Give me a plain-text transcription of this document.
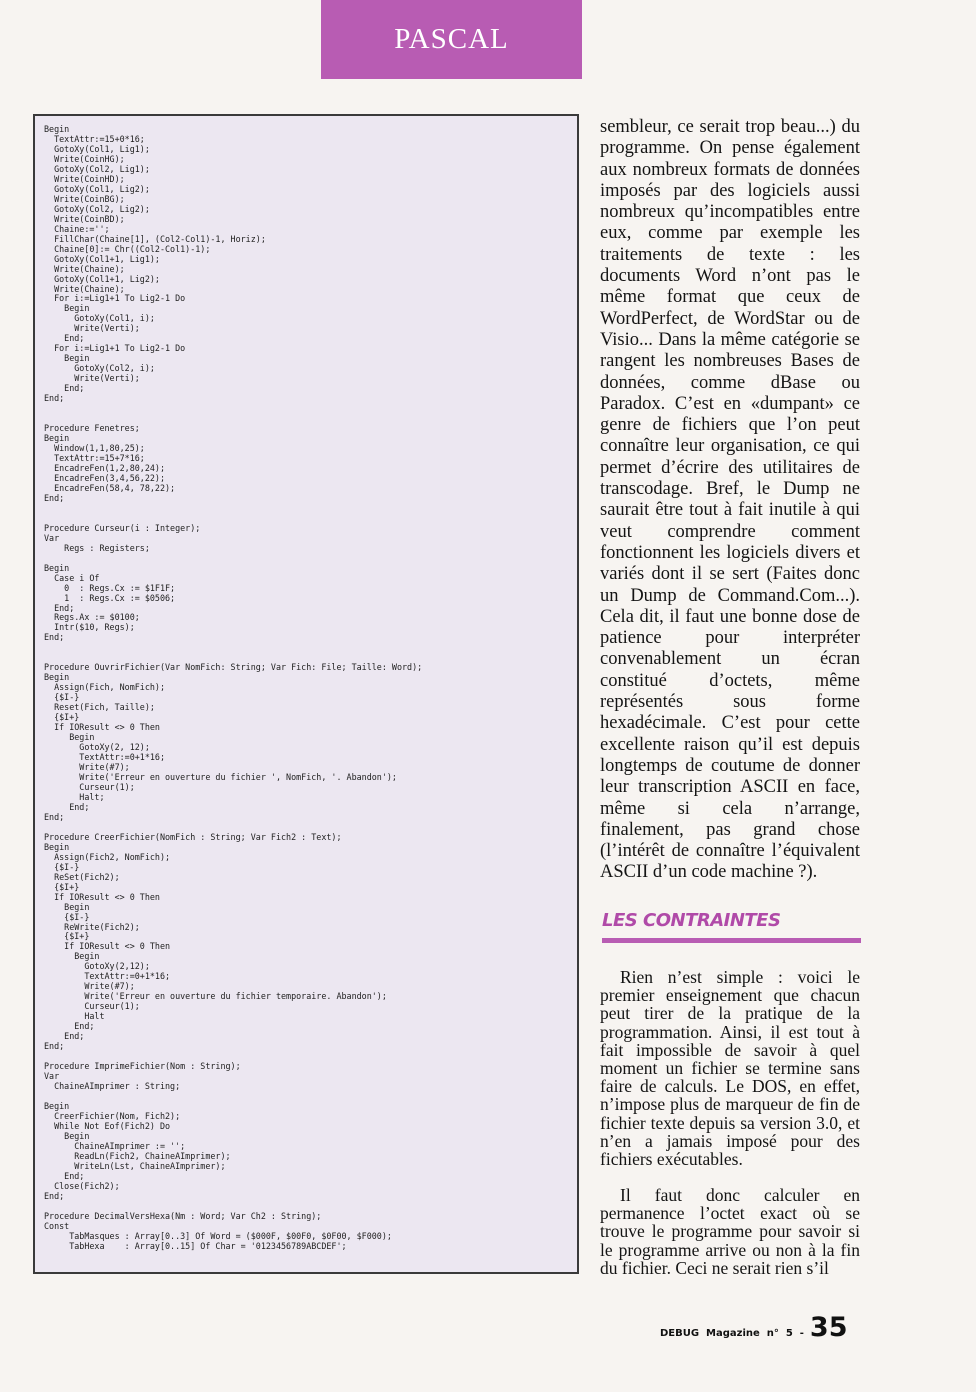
PASCAL
Begin
TextAttr:=15+0*16;
GotoXy(Col1, Lig1);
Write(CoinHG);
GotoXy(Col2, Lig1);
Write(CoinHD);
GotoXy(Col1, Lig2);
Write(CoinBG);
GotoXy(Col2, Lig2);
Write(CoinBD);
Chaine:='';
FillChar(Chaine[1], (Col2-Col1)-1, Horiz);
Chaine[0]:= Chr((Col2-Col1)-1);
GotoXy(Col1+1, Lig1);
Write(Chaine);
GotoXy(Col1+1, Lig2);
Write(Chaine);
For i:=Lig1+1 To Lig2-1 Do
Begin
GotoXy(Col1, i);
Write(Verti);
End;
For i:=Lig1+1 To Lig2-1 Do
Begin
GotoXy(Col2, i);
Write(Verti);
End;
End;

Procedure Fenetres;
Begin
Window(1,1,80,25);
TextAttr:=15+7*16;
EncadreFen(1,2,80,24);
EncadreFen(3,4,56,22);
EncadreFen(58,4, 78,22);
End;

Procedure Curseur(i : Integer);
Var
Regs : Registers;

Begin
Case i Of
0  : Regs.Cx := $1F1F;
1  : Regs.Cx := $0506;
End;
Regs.Ax := $0100;
Intr($10, Regs);
End;

Procedure OuvrirFichier(Var NomFich: String; Var Fich: File; Taille: Word);
Begin
Assign(Fich, NomFich);
{$I-}
Reset(Fich, Taille);
{$I+}
If IOResult <> 0 Then
Begin
GotoXy(2, 12);
TextAttr:=0+1*16;
Write(#7);
Write('Erreur en ouverture du fichier ', NomFich, '. Abandon');
Curseur(1);
Halt;
End;
End;

Procedure CreerFichier(NomFich : String; Var Fich2 : Text);
Begin
Assign(Fich2, NomFich);
{$I-}
ReSet(Fich2);
{$I+}
If IOResult <> 0 Then
Begin
{$I-}
ReWrite(Fich2);
{$I+}
If IOResult <> 0 Then
Begin
GotoXy(2,12);
TextAttr:=0+1*16;
Write(#7);
Write('Erreur en ouverture du fichier temporaire. Abandon');
Curseur(1);
Halt
End;
End;
End;

Procedure ImprimeFichier(Nom : String);
Var
ChaineAImprimer : String;

Begin
CreerFichier(Nom, Fich2);
While Not Eof(Fich2) Do
Begin
ChaineAImprimer := '';
ReadLn(Fich2, ChaineAImprimer);
WriteLn(Lst, ChaineAImprimer);
End;
Close(Fich2);
End;

Procedure DecimalVersHexa(Nm : Word; Var Ch2 : String);
Const
TabMasques : Array[0..3] Of Word = ($000F, $00F0, $0F00, $F000);
TabHexa    : Array[0..15] Of Char = '0123456789ABCDEF';

sembleur, ce serait trop beau...) du programme. On pense également aux nombreux formats de données imposés par des logiciels aussi nombreux qu’incompatibles entre eux, comme par exemple les traitements de texte : les documents Word n’ont pas le même format que ceux de WordPerfect, de WordStar ou de Visio... Dans la même catégorie se rangent les nombreuses Bases de données, comme dBase ou Paradox. C’est en «dumpant» ce genre de fichiers que l’on peut connaître leur organisation, ce qui permet d’écrire des utilitaires de transcodage. Bref, le Dump ne saurait être tout à fait inutile à qui veut comprendre comment fonctionnent les logiciels divers et variés dont il se sert (Faites donc un Dump de Command.Com...). Cela dit, il faut une bonne dose de patience pour interpréter convenablement un écran constitué d’octets, même représentés sous forme hexadécimale. C’est pour cette excellente raison qu’il est depuis longtemps de coutume de donner leur transcription ASCII en face, même si cela n’arrange, finalement, pas grand chose (l’intérêt de connaître l’équivalent ASCII d’un code machine ?).

LES CONTRAINTES

Rien n’est simple : voici le premier enseignement que chacun peut tirer de la pratique de la programmation. Ainsi, il est tout à fait impossible de savoir à quel moment un fichier se termine sans faire de calculs. Le DOS, en effet, n’impose plus de marqueur de fin de fichier texte depuis sa version 3.0, et n’en a jamais imposé pour des fichiers exécutables.

Il faut donc calculer en permanence l’octet exact où se trouve le programme pour savoir si le programme arrive ou non à la fin du fichier. Ceci ne serait rien s’il

DEBUG  Magazine  n°  5  - 35
